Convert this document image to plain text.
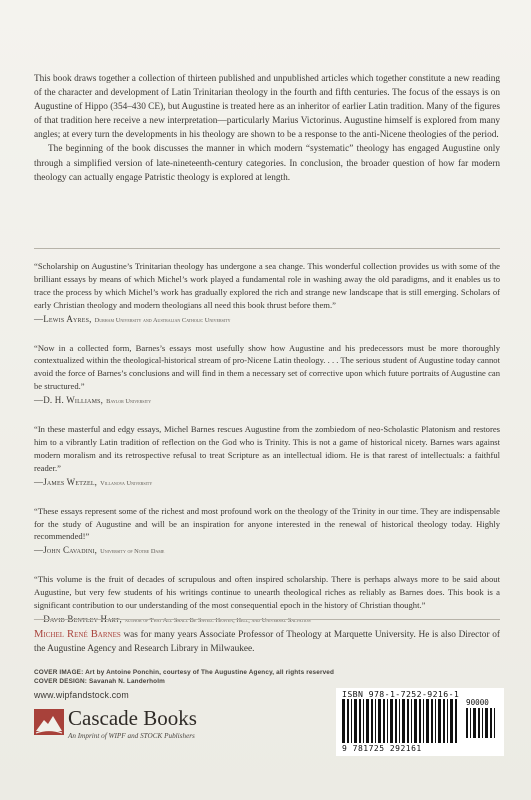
This book draws together a collection of thirteen published and unpublished articles which together constitute a new reading of the character and development of Latin Trinitarian theology in the fourth and fifth centuries. The focus of the essays is on Augustine of Hippo (354–430 CE), but Augustine is treated here as an inheritor of earlier Latin tradition. Many of the figures of that tradition here receive a new interpretation—particularly Marius Victorinus. Augustine himself is explored from many angles; at every turn the developments in his theology are shown to be a response to the anti-Nicene theologies of the period.

The beginning of the book discusses the manner in which modern “systematic” theology has engaged Augustine only through a simplified version of late-nineteenth-century categories. In conclusion, the broader question of how far modern theology can actually engage Patristic theology is explored at length.

“Scholarship on Augustine’s Trinitarian theology has undergone a sea change. This wonderful collection provides us with some of the brilliant essays by means of which Michel’s work played a fundamental role in washing away the old paradigms, and it enables us to trace the process by which Michel’s work has gradually explored the rich and strange new landscape that is still emerging. Scholars of early Christian theology and modern theologians all need this book thrust before them.”

—Lewis Ayres, Durham University and Australian Catholic University

“Now in a collected form, Barnes’s essays most usefully show how Augustine and his predecessors must be more thoroughly contextualized within the theological-historical stream of pro-Nicene Latin theology. . . . The serious student of Augustine today cannot avoid the force of Barnes’s conclusions and will find in them a necessary set of corrective upon which future portraits of Augustine can be structured.”

—D. H. Williams, Baylor University

“In these masterful and edgy essays, Michel Barnes rescues Augustine from the zombiedom of neo-Scholastic Platonism and restores him to a vibrantly Latin tradition of reflection on the God who is Trinity. This is not a game of historical nicety. Barnes wars against modern moralism and its retrospective refusal to treat Scripture as an intellectual idiom. He is that rarest of intellectuals: a faithful reader.”

—James Wetzel, Villanova University

“These essays represent some of the richest and most profound work on the theology of the Trinity in our time. They are indispensable for the study of Augustine and will be an inspiration for anyone interested in the renewal of historical theology today. Highly recommended!”

—John Cavadini, University of Notre Dame

“This volume is the fruit of decades of scrupulous and often inspired scholarship. There is perhaps always more to be said about Augustine, but very few students of his writings continue to unearth theological riches as reliably as Barnes does. This book is a significant contribution to our understanding of the most consequential epoch in the history of Christian thought.”

—David Bentley Hart, author of That All Shall Be Saved: Heaven, Hell, and Universal Salvation
Michel René Barnes was for many years Associate Professor of Theology at Marquette University. He is also Director of the Augustine Agency and Research Library in Milwaukee.
COVER IMAGE: Art by Antoine Ponchin, courtesy of The Augustine Agency, all rights reserved
COVER DESIGN: Savanah N. Landerholm
www.wipfandstock.com
Cascade Books
An Imprint of WIPF and STOCK Publishers
ISBN 978-1-7252-9216-1
90000
9 781725 292161
